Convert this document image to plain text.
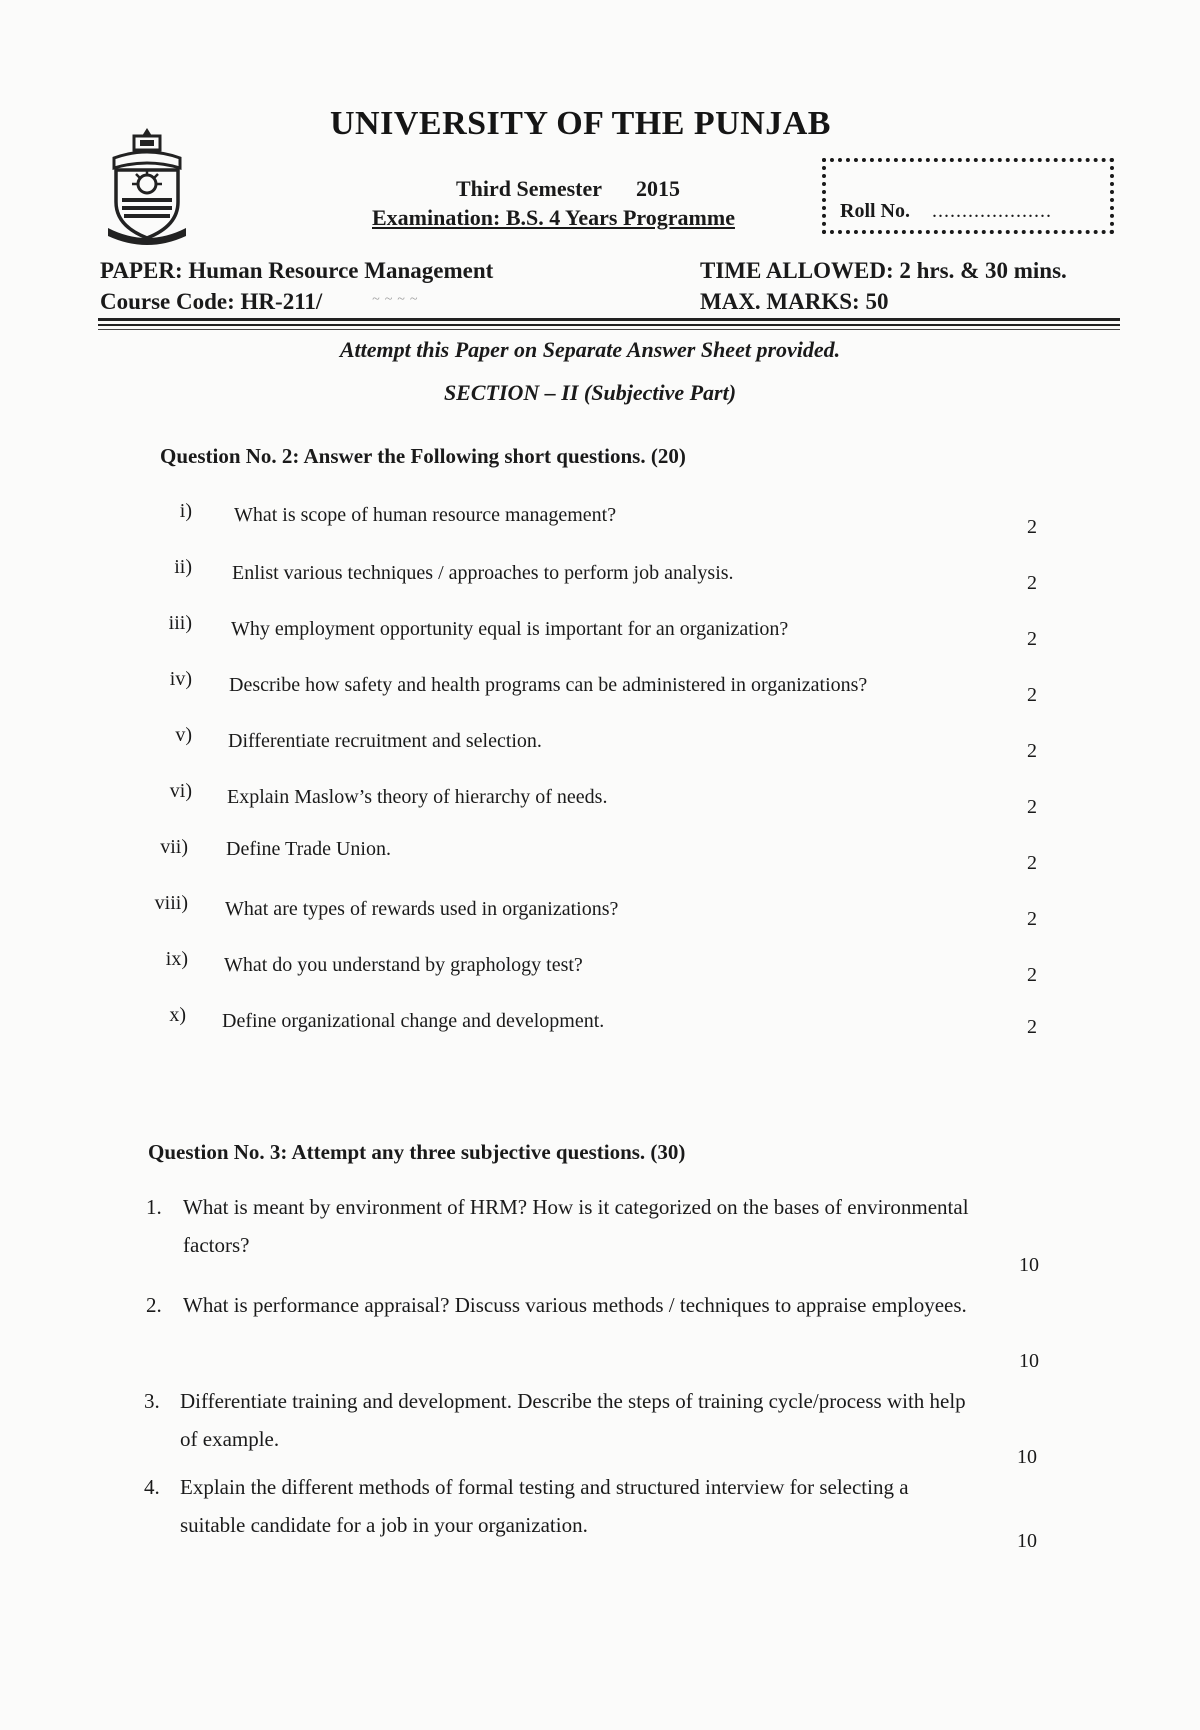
UNIVERSITY OF THE PUNJAB
Third Semester 2015
Examination: B.S. 4 Years Programme	Roll No. ....................
PAPER: Human Resource Management
Course Code: HR-211/	~~~~
TIME ALLOWED: 2 hrs. & 30 mins.
MAX. MARKS: 50
Attempt this Paper on Separate Answer Sheet provided.
SECTION – II (Subjective Part)
Question No. 2: Answer the Following short questions. (20)
i) What is scope of human resource management?
2
ii) Enlist various techniques / approaches to perform job analysis.	2
iii) Why employment opportunity equal is important for an organization?	2
iv) Describe how safety and health programs can be administered in organizations?	2
v) Differentiate recruitment and selection.	2
vi) Explain Maslow’s theory of hierarchy of needs.	2
vii) Define Trade Union.
2
viii) What are types of rewards used in organizations?	2
ix) What do you understand by graphology test?	2
x) Define organizational change and development.	2
Question No. 3: Attempt any three subjective questions. (30)
1. What is meant by environment of HRM? How is it categorized on the bases of environmental
factors?
10
2. What is performance appraisal? Discuss various methods / techniques to appraise employees.
10
3. Differentiate training and development. Describe the steps of training cycle/process with help
of example.
10
4. Explain the different methods of formal testing and structured interview for selecting a
suitable candidate for a job in your organization.
10
